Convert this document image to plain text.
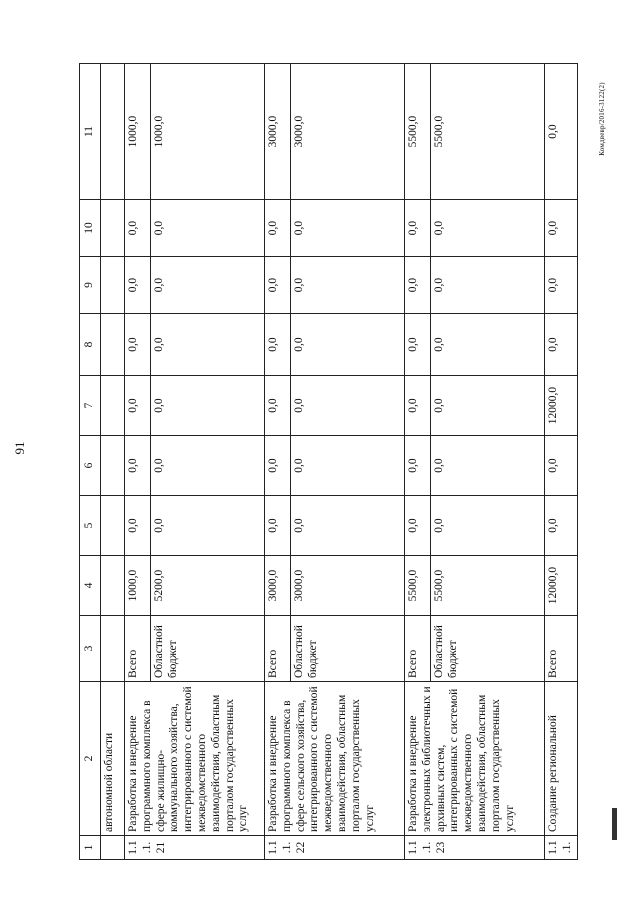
91
Комдвевр/2016-3122(2)
1	2	3	4	5	6	7	8	9	10	11
	автономной области									
1.1.1.21	Разработка и внедрение программного комплекса в сфере жилищно-коммунального хозяйства, интегрированного с системой межведомственного взаимодействия, областным порталом государственных услуг	Всего	1000,0	0,0	0,0	0,0	0,0	0,0	0,0	1000,0
		Областной бюджет	5200,0	0,0	0,0	0,0	0,0	0,0	0,0	1000,0
1.1.1.22	Разработка и внедрение программного комплекса в сфере сельского хозяйства, интегрированного с системой межведомственного взаимодействия, областным порталом государственных услуг	Всего	3000,0	0,0	0,0	0,0	0,0	0,0	0,0	3000,0
		Областной бюджет	3000,0	0,0	0,0	0,0	0,0	0,0	0,0	3000,0
1.1.1.23	Разработка и внедрение электронных библиотечных и архивных систем, интегрированных с системой межведомственного взаимодействия, областным порталом государственных услуг	Всего	5500,0	0,0	0,0	0,0	0,0	0,0	0,0	5500,0
		Областной бюджет	5500,0	0,0	0,0	0,0	0,0	0,0	0,0	5500,0
1.1.1.	Создание региональной	Всего	12000,0	0,0	0,0	12000,0	0,0	0,0	0,0	0,0
